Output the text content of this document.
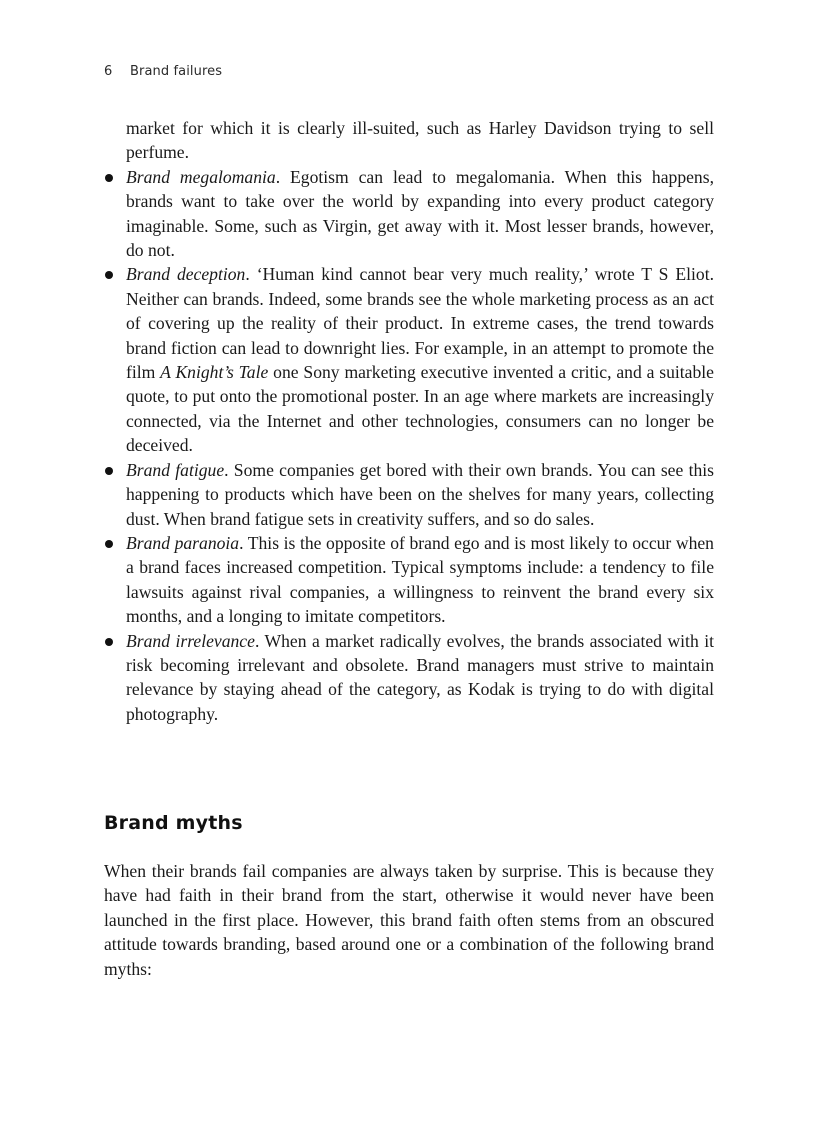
6 Brand failures

market for which it is clearly ill-suited, such as Harley Davidson trying to sell perfume.

Brand megalomania. Egotism can lead to megalomania. When this happens, brands want to take over the world by expanding into every product category imaginable. Some, such as Virgin, get away with it. Most lesser brands, however, do not.
Brand deception. ‘Human kind cannot bear very much reality,’ wrote T S Eliot. Neither can brands. Indeed, some brands see the whole marketing process as an act of covering up the reality of their product. In extreme cases, the trend towards brand fiction can lead to downright lies. For example, in an attempt to promote the film A Knight’s Tale one Sony marketing executive invented a critic, and a suitable quote, to put onto the promotional poster. In an age where markets are increasingly connected, via the Internet and other technologies, consumers can no longer be deceived.
Brand fatigue. Some companies get bored with their own brands. You can see this happening to products which have been on the shelves for many years, collecting dust. When brand fatigue sets in creativity suffers, and so do sales.
Brand paranoia. This is the opposite of brand ego and is most likely to occur when a brand faces increased competition. Typical symptoms include: a tendency to file lawsuits against rival companies, a willingness to reinvent the brand every six months, and a longing to imitate competitors.
Brand irrelevance. When a market radically evolves, the brands associated with it risk becoming irrelevant and obsolete. Brand managers must strive to maintain relevance by staying ahead of the category, as Kodak is trying to do with digital photography.
Brand myths

When their brands fail companies are always taken by surprise. This is because they have had faith in their brand from the start, otherwise it would never have been launched in the first place. However, this brand faith often stems from an obscured attitude towards branding, based around one or a combination of the following brand myths:
